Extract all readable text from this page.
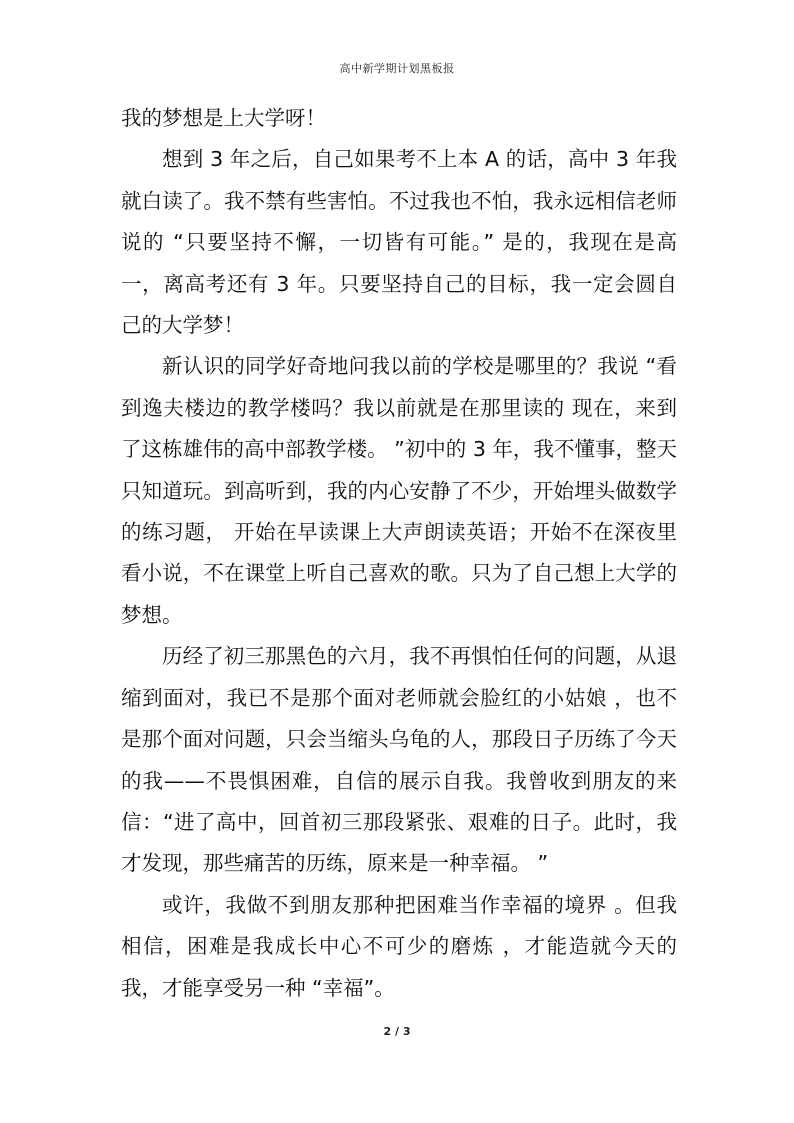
高中新学期计划黑板报

我的梦想是上大学呀！

想到 3 年之后，自己如果考不上本 A 的话，高中 3 年我就白读了。我不禁有些害怕。不过我也不怕，我永远相信老师说的 “只要坚持不懈，一切皆有可能。” 是的，我现在是高一，离高考还有 3 年。只要坚持自己的目标，我一定会圆自己的大学梦！

新认识的同学好奇地问我以前的学校是哪里的？我说 “看到逸夫楼边的教学楼吗？我以前就是在那里读的 现在，来到了这栋雄伟的高中部教学楼。 ”初中的 3 年，我不懂事，整天只知道玩。到高听到，我的内心安静了不少，开始埋头做数学的练习题， 开始在早读课上大声朗读英语；开始不在深夜里看小说，不在课堂上听自己喜欢的歌。只为了自己想上大学的梦想。

历经了初三那黑色的六月，我不再惧怕任何的问题，从退缩到面对，我已不是那个面对老师就会脸红的小姑娘 ，也不是那个面对问题，只会当缩头乌龟的人，那段日子历练了今天的我——不畏惧困难，自信的展示自我。我曾收到朋友的来信：“进了高中，回首初三那段紧张、艰难的日子。此时，我才发现，那些痛苦的历练，原来是一种幸福。 ”

或许，我做不到朋友那种把困难当作幸福的境界 。但我相信，困难是我成长中心不可少的磨炼 ，才能造就今天的我，才能享受另一种 “幸福”。

2 / 3
